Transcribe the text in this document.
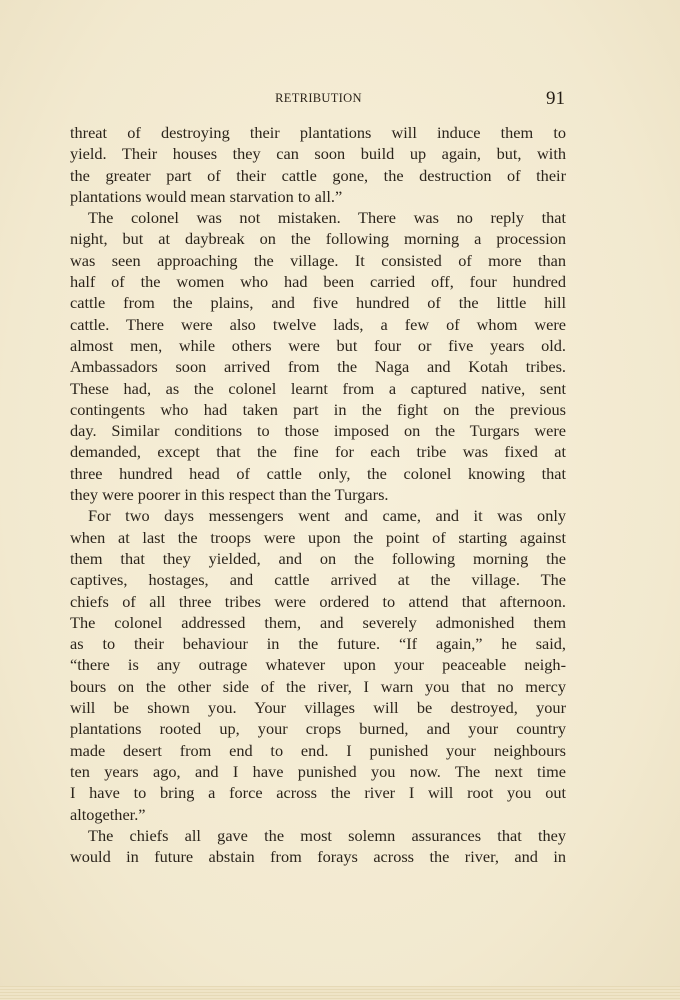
RETRIBUTION	91
threat of destroying their plantations will induce them to
yield. Their houses they can soon build up again, but, with
the greater part of their cattle gone, the destruction of their
plantations would mean starvation to all.”
The colonel was not mistaken. There was no reply that
night, but at daybreak on the following morning a procession
was seen approaching the village. It consisted of more than
half of the women who had been carried off, four hundred
cattle from the plains, and five hundred of the little hill
cattle. There were also twelve lads, a few of whom were
almost men, while others were but four or five years old.
Ambassadors soon arrived from the Naga and Kotah tribes.
These had, as the colonel learnt from a captured native, sent
contingents who had taken part in the fight on the previous
day. Similar conditions to those imposed on the Turgars were
demanded, except that the fine for each tribe was fixed at
three hundred head of cattle only, the colonel knowing that
they were poorer in this respect than the Turgars.
For two days messengers went and came, and it was only
when at last the troops were upon the point of starting against
them that they yielded, and on the following morning the
captives, hostages, and cattle arrived at the village. The
chiefs of all three tribes were ordered to attend that afternoon.
The colonel addressed them, and severely admonished them
as to their behaviour in the future. “If again,” he said,
“there is any outrage whatever upon your peaceable neigh-
bours on the other side of the river, I warn you that no mercy
will be shown you. Your villages will be destroyed, your
plantations rooted up, your crops burned, and your country
made desert from end to end. I punished your neighbours
ten years ago, and I have punished you now. The next time
I have to bring a force across the river I will root you out
altogether.”
The chiefs all gave the most solemn assurances that they
would in future abstain from forays across the river, and in
